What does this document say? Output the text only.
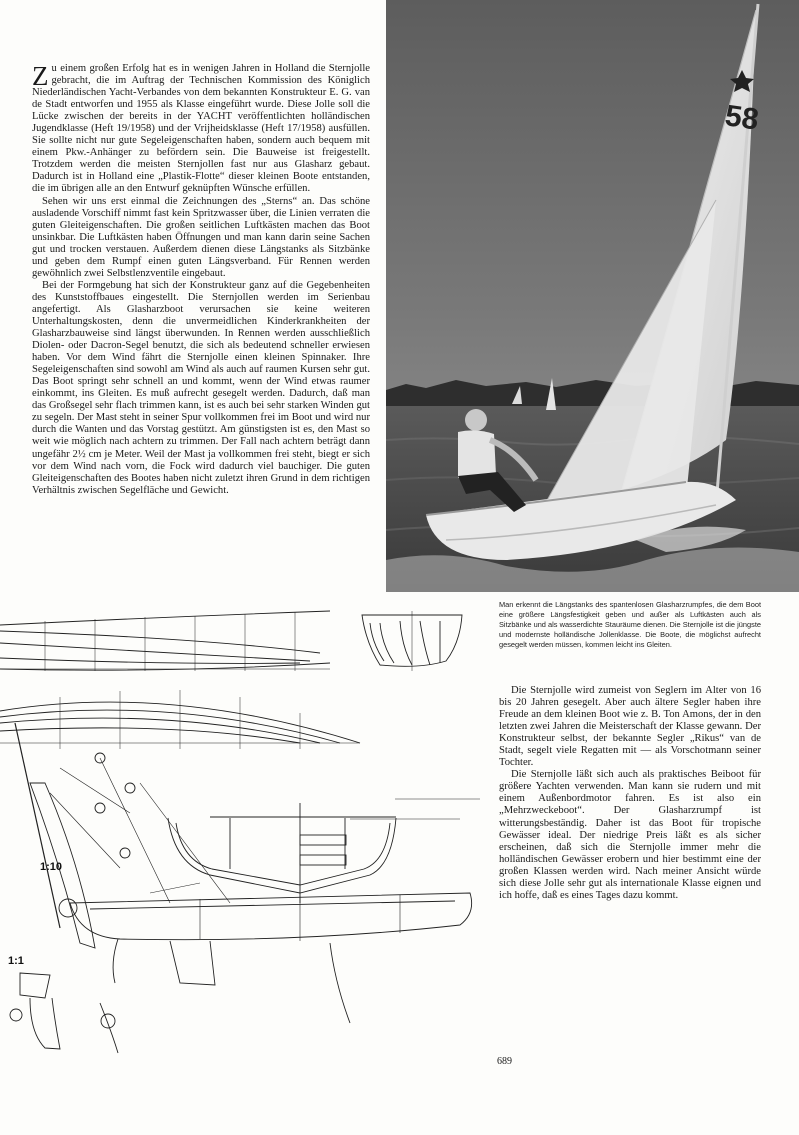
Zu einem großen Erfolg hat es in wenigen Jahren in Holland die Sternjolle gebracht, die im Auftrag der Technischen Kommission des Königlich Niederländischen Yacht-Verbandes von dem bekannten Konstrukteur E. G. van de Stadt entworfen und 1955 als Klasse eingeführt wurde. Diese Jolle soll die Lücke zwischen der bereits in der YACHT veröffentlichten holländischen Jugendklasse (Heft 19/1958) und der Vrijheidsklasse (Heft 17/1958) ausfüllen. Sie sollte nicht nur gute Segeleigenschaften haben, sondern auch bequem mit einem Pkw.-Anhänger zu befördern sein. Die Bauweise ist freigestellt. Trotzdem werden die meisten Sternjollen fast nur aus Glasharz gebaut. Dadurch ist in Holland eine „Plastik-Flotte“ dieser kleinen Boote entstanden, die im übrigen alle an den Entwurf geknüpften Wünsche erfüllen.

Sehen wir uns erst einmal die Zeichnungen des „Sterns“ an. Das schöne ausladende Vorschiff nimmt fast kein Spritzwasser über, die Linien verraten die guten Gleiteigenschaften. Die großen seitlichen Luftkästen machen das Boot unsinkbar. Die Luftkästen haben Öffnungen und man kann darin seine Sachen gut und trocken verstauen. Außerdem dienen diese Längstanks als Sitzbänke und geben dem Rumpf einen guten Längsverband. Für Rennen werden gewöhnlich zwei Selbstlenzventile eingebaut.

Bei der Formgebung hat sich der Konstrukteur ganz auf die Gegebenheiten des Kunststoffbaues eingestellt. Die Sternjollen werden im Serienbau angefertigt. Als Glasharzboot verursachen sie keine weiteren Unterhaltungskosten, denn die unvermeidlichen Kinderkrankheiten der Glasharzbauweise sind längst überwunden. In Rennen werden ausschließlich Diolen- oder Dacron-Segel benutzt, die sich als bedeutend schneller erwiesen haben. Vor dem Wind fährt die Sternjolle einen kleinen Spinnaker. Ihre Segeleigenschaften sind sowohl am Wind als auch auf raumen Kursen sehr gut. Das Boot springt sehr schnell an und kommt, wenn der Wind etwas raumer einkommt, ins Gleiten. Es muß aufrecht gesegelt werden. Dadurch, daß man das Großsegel sehr flach trimmen kann, ist es auch bei sehr starken Winden gut zu segeln. Der Mast steht in seiner Spur vollkommen frei im Boot und wird nur durch die Wanten und das Vorstag gestützt. Am günstigsten ist es, den Mast so weit wie möglich nach achtern zu trimmen. Der Fall nach achtern beträgt dann ungefähr 2½ cm je Meter. Weil der Mast ja vollkommen frei steht, biegt er sich vor dem Wind nach vorn, die Fock wird dadurch viel bauchiger. Die guten Gleiteigenschaften des Bootes haben nicht zuletzt ihren Grund in dem richtigen Verhältnis zwischen Segelfläche und Gewicht.

58
Man erkennt die Längstanks des spantenlosen Glasharzrumpfes, die dem Boot eine größere Längsfestigkeit geben und außer als Luftkästen auch als Sitzbänke und als wasserdichte Stauräume dienen. Die Sternjolle ist die jüngste und modernste holländische Jollenklasse. Die Boote, die möglichst aufrecht gesegelt werden müssen, kommen leicht ins Gleiten.

Die Sternjolle wird zumeist von Seglern im Alter von 16 bis 20 Jahren gesegelt. Aber auch ältere Segler haben ihre Freude an dem kleinen Boot wie z. B. Ton Amons, der in den letzten zwei Jahren die Meisterschaft der Klasse gewann. Der Konstrukteur selbst, der bekannte Segler „Rikus“ van de Stadt, segelt viele Regatten mit — als Vorschotmann seiner Tochter.

Die Sternjolle läßt sich auch als praktisches Beiboot für größere Yachten verwenden. Man kann sie rudern und mit einem Außenbordmotor fahren. Es ist also ein „Mehrzweckeboot“. Der Glasharzrumpf ist witterungsbeständig. Daher ist das Boot für tropische Gewässer ideal. Der niedrige Preis läßt es als sicher erscheinen, daß sich die Sternjolle immer mehr die holländischen Gewässer erobern und hier bestimmt eine der großen Klassen werden wird. Nach meiner Ansicht würde sich diese Jolle sehr gut als internationale Klasse eignen und ich hoffe, daß es eines Tages dazu kommt.

1:10
1:1
689
